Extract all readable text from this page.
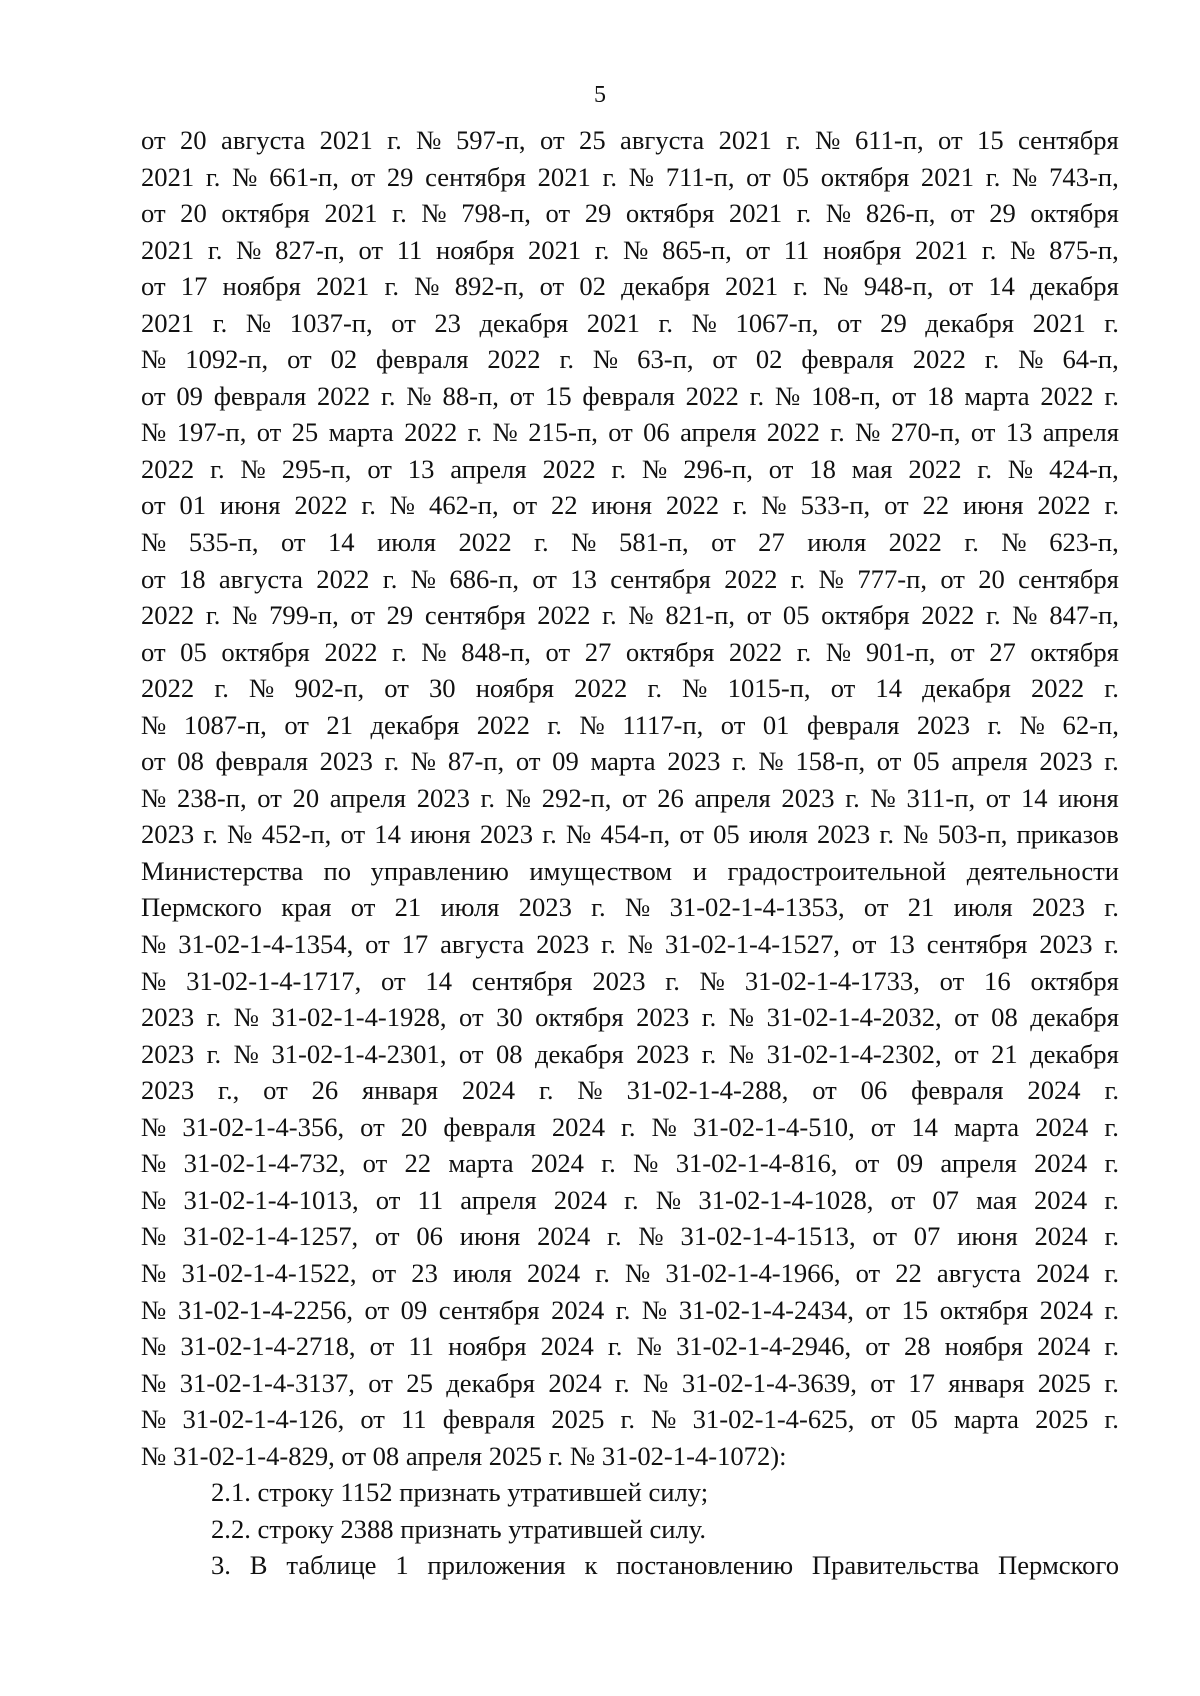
5
от 20 августа 2021 г. № 597-п, от 25 августа 2021 г. № 611-п, от 15 сентября
2021 г. № 661-п, от 29 сентября 2021 г. № 711-п, от 05 октября 2021 г. № 743-п,
от 20 октября 2021 г. № 798-п, от 29 октября 2021 г. № 826-п, от 29 октября
2021 г. № 827-п, от 11 ноября 2021 г. № 865-п, от 11 ноября 2021 г. № 875-п,
от 17 ноября 2021 г. № 892-п, от 02 декабря 2021 г. № 948-п, от 14 декабря
2021 г. № 1037-п, от 23 декабря 2021 г. № 1067-п, от 29 декабря 2021 г.
№ 1092-п, от 02 февраля 2022 г. № 63-п, от 02 февраля 2022 г. № 64-п,
от 09 февраля 2022 г. № 88-п, от 15 февраля 2022 г. № 108-п, от 18 марта 2022 г.
№ 197-п, от 25 марта 2022 г. № 215-п, от 06 апреля 2022 г. № 270-п, от 13 апреля
2022 г. № 295-п, от 13 апреля 2022 г. № 296-п, от 18 мая 2022 г. № 424-п,
от 01 июня 2022 г. № 462-п, от 22 июня 2022 г. № 533-п, от 22 июня 2022 г.
№ 535-п, от 14 июля 2022 г. № 581-п, от 27 июля 2022 г. № 623-п,
от 18 августа 2022 г. № 686-п, от 13 сентября 2022 г. № 777-п, от 20 сентября
2022 г. № 799-п, от 29 сентября 2022 г. № 821-п, от 05 октября 2022 г. № 847-п,
от 05 октября 2022 г. № 848-п, от 27 октября 2022 г. № 901-п, от 27 октября
2022 г. № 902-п, от 30 ноября 2022 г. № 1015-п, от 14 декабря 2022 г.
№ 1087-п, от 21 декабря 2022 г. № 1117-п, от 01 февраля 2023 г. № 62-п,
от 08 февраля 2023 г. № 87-п, от 09 марта 2023 г. № 158-п, от 05 апреля 2023 г.
№ 238-п, от 20 апреля 2023 г. № 292-п, от 26 апреля 2023 г. № 311-п, от 14 июня
2023 г. № 452-п, от 14 июня 2023 г. № 454-п, от 05 июля 2023 г. № 503-п, приказов
Министерства по управлению имуществом и градостроительной деятельности
Пермского края от 21 июля 2023 г. № 31-02-1-4-1353, от 21 июля 2023 г.
№ 31-02-1-4-1354, от 17 августа 2023 г. № 31-02-1-4-1527, от 13 сентября 2023 г.
№ 31-02-1-4-1717, от 14 сентября 2023 г. № 31-02-1-4-1733, от 16 октября
2023 г. № 31-02-1-4-1928, от 30 октября 2023 г. № 31-02-1-4-2032, от 08 декабря
2023 г. № 31-02-1-4-2301, от 08 декабря 2023 г. № 31-02-1-4-2302, от 21 декабря
2023 г., от 26 января 2024 г. № 31-02-1-4-288, от 06 февраля 2024 г.
№ 31-02-1-4-356, от 20 февраля 2024 г. № 31-02-1-4-510, от 14 марта 2024 г.
№ 31-02-1-4-732, от 22 марта 2024 г. № 31-02-1-4-816, от 09 апреля 2024 г.
№ 31-02-1-4-1013, от 11 апреля 2024 г. № 31-02-1-4-1028, от 07 мая 2024 г.
№ 31-02-1-4-1257, от 06 июня 2024 г. № 31-02-1-4-1513, от 07 июня 2024 г.
№ 31-02-1-4-1522, от 23 июля 2024 г. № 31-02-1-4-1966, от 22 августа 2024 г.
№ 31-02-1-4-2256, от 09 сентября 2024 г. № 31-02-1-4-2434, от 15 октября 2024 г.
№ 31-02-1-4-2718, от 11 ноября 2024 г. № 31-02-1-4-2946, от 28 ноября 2024 г.
№ 31-02-1-4-3137, от 25 декабря 2024 г. № 31-02-1-4-3639, от 17 января 2025 г.
№ 31-02-1-4-126, от 11 февраля 2025 г. № 31-02-1-4-625, от 05 марта 2025 г.
№ 31-02-1-4-829, от 08 апреля 2025 г. № 31-02-1-4-1072):
2.1. строку 1152 признать утратившей силу;
2.2. строку 2388 признать утратившей силу.
3. В таблице 1 приложения к постановлению Правительства Пермского
